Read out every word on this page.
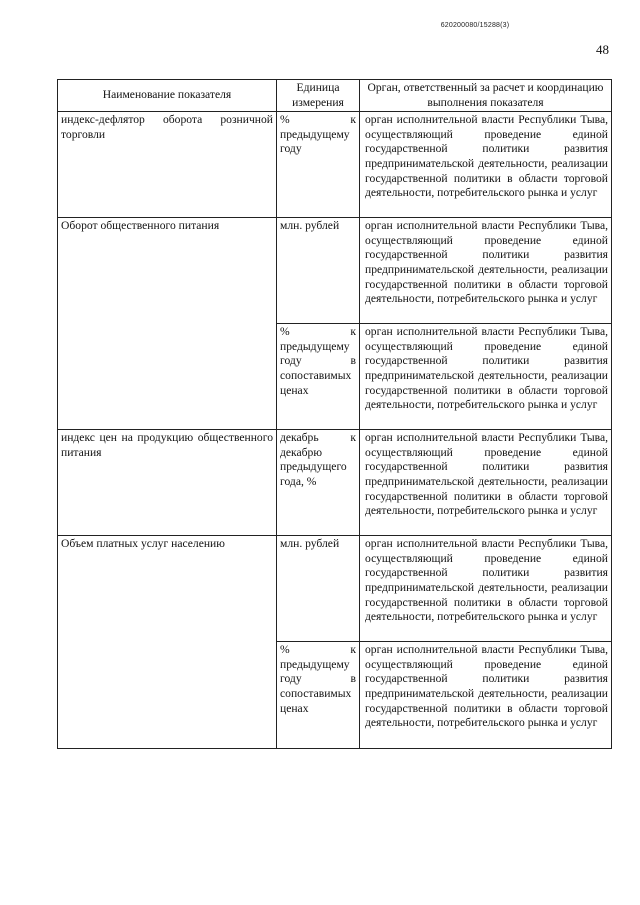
620200080/15288(3)
48
Наименование показателя	Единица измерения	Орган, ответственный за расчет и координацию выполнения показателя
индекс-дефлятор оборота розничной торговли	% к предыдущему году	орган исполнительной власти Республики Тыва, осуществляющий проведение единой государственной политики развития предпринимательской деятельности, реализации государственной политики в области торговой деятельности, потребительского рынка и услуг
Оборот общественного питания	млн. рублей	орган исполнительной власти Республики Тыва, осуществляющий проведение единой государственной политики развития предпринимательской деятельности, реализации государственной политики в области торговой деятельности, потребительского рынка и услуг
	% к предыдущему году в сопоставимых ценах	орган исполнительной власти Республики Тыва, осуществляющий проведение единой государственной политики развития предпринимательской деятельности, реализации государственной политики в области торговой деятельности, потребительского рынка и услуг
индекс цен на продукцию общественного питания	декабрь к декабрю предыдущего года, %	орган исполнительной власти Республики Тыва, осуществляющий проведение единой государственной политики развития предпринимательской деятельности, реализации государственной политики в области торговой деятельности, потребительского рынка и услуг
Объем платных услуг населению	млн. рублей	орган исполнительной власти Республики Тыва, осуществляющий проведение единой государственной политики развития предпринимательской деятельности, реализации государственной политики в области торговой деятельности, потребительского рынка и услуг
	% к предыдущему году в сопоставимых ценах	орган исполнительной власти Республики Тыва, осуществляющий проведение единой государственной политики развития предпринимательской деятельности, реализации государственной политики в области торговой деятельности, потребительского рынка и услуг
